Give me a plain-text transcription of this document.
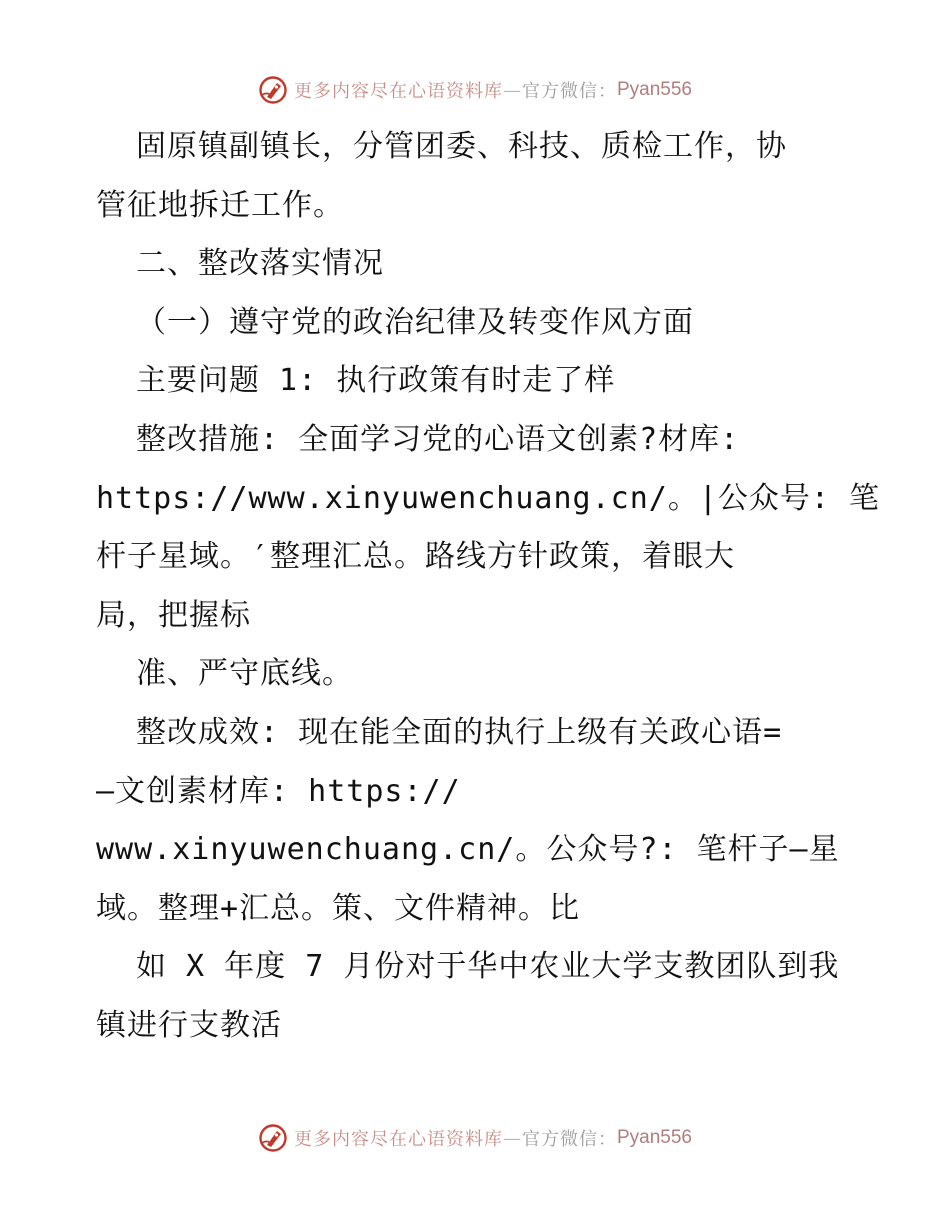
更多内容尽在心语资料库 — 官方微信： Pyan556
固原镇副镇长，分管团委、科技、质检工作，协
管征地拆迁工作。
二、整改落实情况
（一）遵守党的政治纪律及转变作风方面
主要问题 1: 执行政策有时走了样
整改措施: 全面学习党的心语文创素?材库:
https://www.xinyuwenchuang.cn/。|公众号: 笔
杆子星域。′整理汇总。路线方针政策，着眼大
局，把握标
准、严守底线。
整改成效: 现在能全面的执行上级有关政心语=
—文创素材库: https://
www.xinyuwenchuang.cn/。公众号?: 笔杆子—星
域。整理+汇总。策、文件精神。比
如 X 年度 7 月份对于华中农业大学支教团队到我
镇进行支教活
更多内容尽在心语资料库 — 官方微信： Pyan556
